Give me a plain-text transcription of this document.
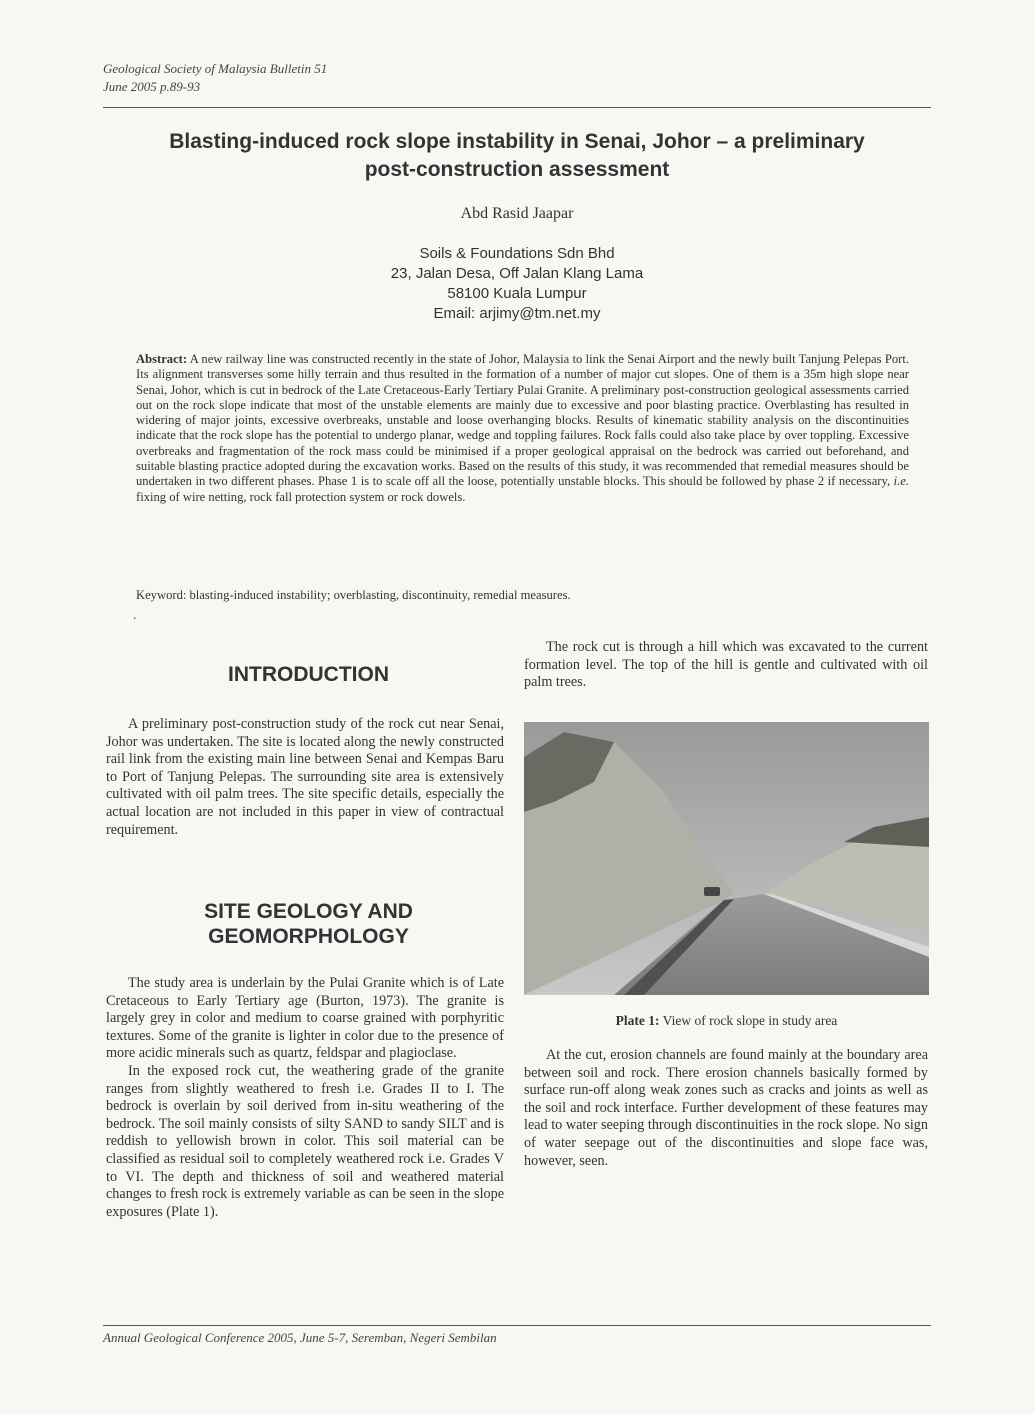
Geological Society of Malaysia Bulletin 51
June 2005 p.89-93
Blasting-induced rock slope instability in Senai, Johor – a preliminary
post-construction assessment
Abd Rasid Jaapar
Soils & Foundations Sdn Bhd
23, Jalan Desa, Off Jalan Klang Lama
58100 Kuala Lumpur
Email: arjimy@tm.net.my
Abstract: A new railway line was constructed recently in the state of Johor, Malaysia to link the Senai Airport and the newly built Tanjung Pelepas Port. Its alignment transverses some hilly terrain and thus resulted in the formation of a number of major cut slopes. One of them is a 35m high slope near Senai, Johor, which is cut in bedrock of the Late Cretaceous-Early Tertiary Pulai Granite. A preliminary post-construction geological assessments carried out on the rock slope indicate that most of the unstable elements are mainly due to excessive and poor blasting practice. Overblasting has resulted in widering of major joints, excessive overbreaks, unstable and loose overhanging blocks. Results of kinematic stability analysis on the discontinuities indicate that the rock slope has the potential to undergo planar, wedge and toppling failures. Rock falls could also take place by over toppling. Excessive overbreaks and fragmentation of the rock mass could be minimised if a proper geological appraisal on the bedrock was carried out beforehand, and suitable blasting practice adopted during the excavation works. Based on the results of this study, it was recommended that remedial measures should be undertaken in two different phases. Phase 1 is to scale off all the loose, potentially unstable blocks. This should be followed by phase 2 if necessary, i.e. fixing of wire netting, rock fall protection system or rock dowels.
Keyword: blasting-induced instability; overblasting, discontinuity, remedial measures.
.
INTRODUCTION

A preliminary post-construction study of the rock cut near Senai, Johor was undertaken. The site is located along the newly constructed rail link from the existing main line between Senai and Kempas Baru to Port of Tanjung Pelepas. The surrounding site area is extensively cultivated with oil palm trees. The site specific details, especially the actual location are not included in this paper in view of contractual requirement.

SITE GEOLOGY AND
GEOMORPHOLOGY

The study area is underlain by the Pulai Granite which is of Late Cretaceous to Early Tertiary age (Burton, 1973). The granite is largely grey in color and medium to coarse grained with porphyritic textures. Some of the granite is lighter in color due to the presence of more acidic minerals such as quartz, feldspar and plagioclase.

In the exposed rock cut, the weathering grade of the granite ranges from slightly weathered to fresh i.e. Grades II to I. The bedrock is overlain by soil derived from in-situ weathering of the bedrock. The soil mainly consists of silty SAND to sandy SILT and is reddish to yellowish brown in color. This soil material can be classified as residual soil to completely weathered rock i.e. Grades V to VI. The depth and thickness of soil and weathered material changes to fresh rock is extremely variable as can be seen in the slope exposures (Plate 1).

The rock cut is through a hill which was excavated to the current formation level. The top of the hill is gentle and cultivated with oil palm trees.

Plate 1: View of rock slope in study area

At the cut, erosion channels are found mainly at the boundary area between soil and rock. There erosion channels basically formed by surface run-off along weak zones such as cracks and joints as well as the soil and rock interface. Further development of these features may lead to water seeping through discontinuities in the rock slope. No sign of water seepage out of the discontinuities and slope face was, however, seen.

Annual Geological Conference 2005, June 5-7, Seremban, Negeri Sembilan
